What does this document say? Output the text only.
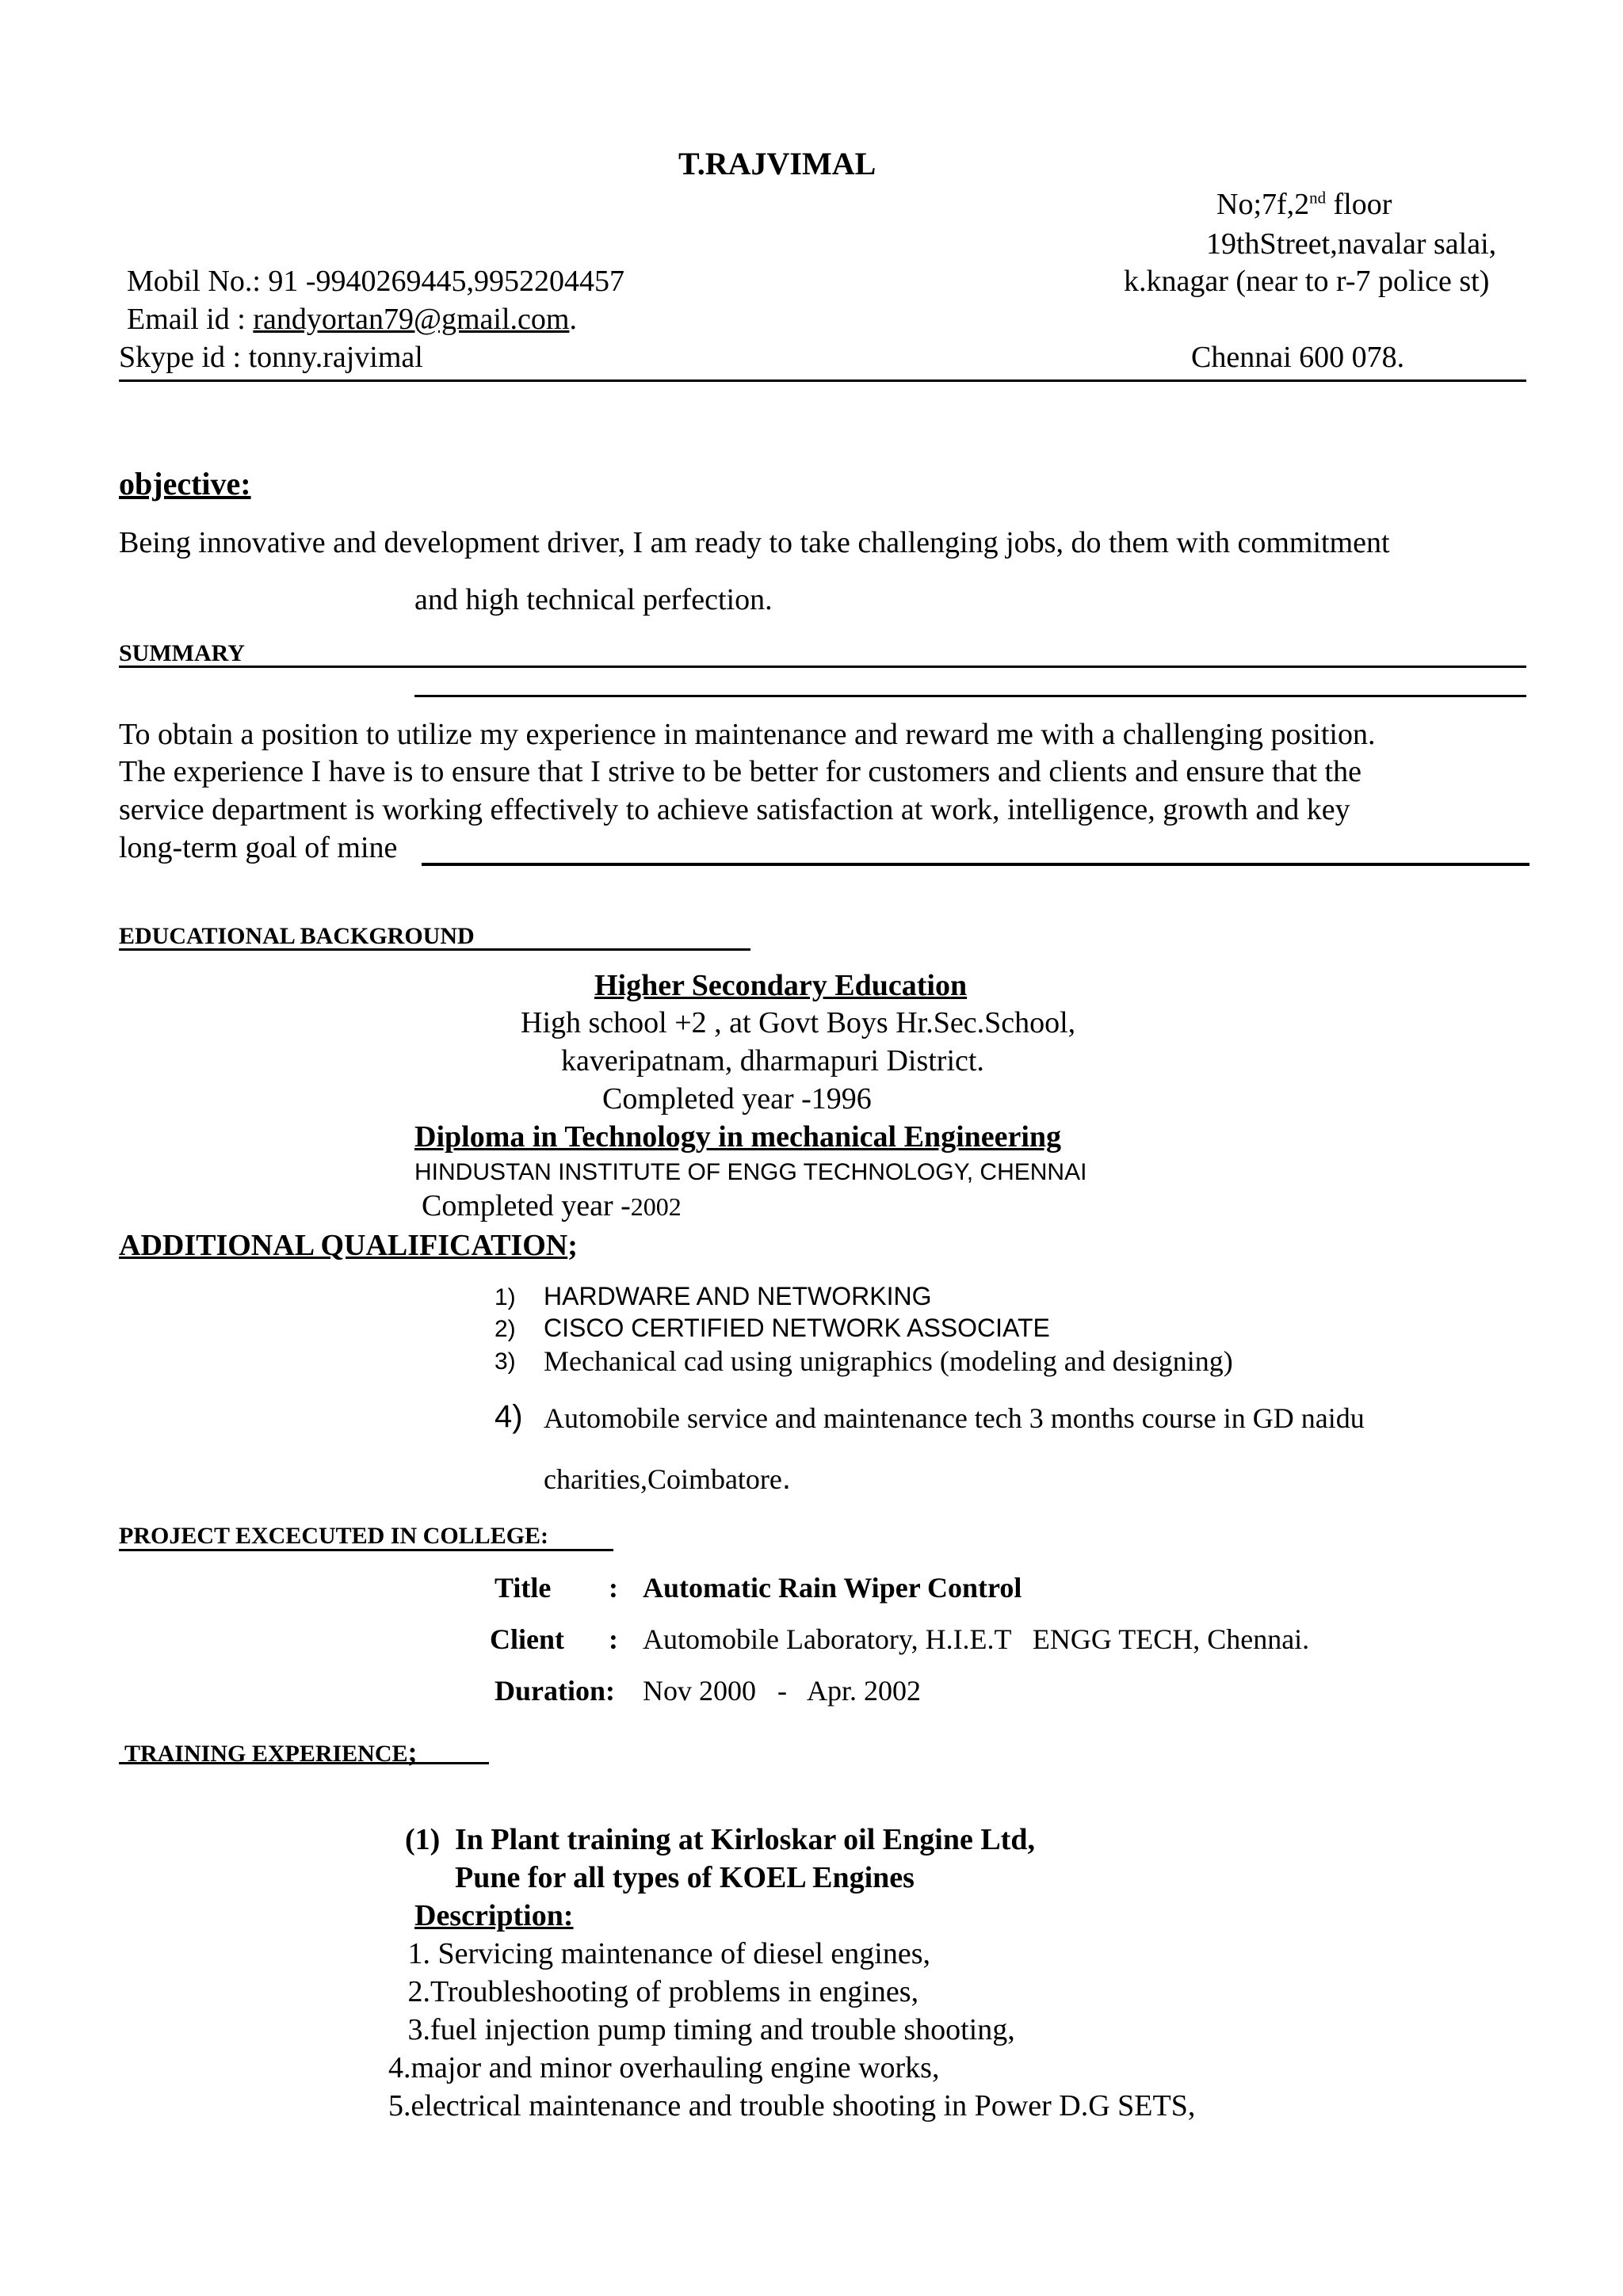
T.RAJVIMAL
No;7f,2nd floor
19thStreet,navalar salai,
k.knagar (near to r-7 police st)
Mobil No.: 91 -9940269445,9952204457
Email id : randyortan79@gmail.com.
Skype id : tonny.rajvimal	Chennai 600 078.
objective:
Being innovative and development driver, I am ready to take challenging jobs, do them with commitment
and high technical perfection.
SUMMARY
To obtain a position to utilize my experience in maintenance and reward me with a challenging position.
The experience I have is to ensure that I strive to be better for customers and clients and ensure that the
service department is working effectively to achieve satisfaction at work, intelligence, growth and key
long-term goal of mine
EDUCATIONAL BACKGROUND
Higher Secondary Education
High school +2 , at Govt Boys Hr.Sec.School,
kaveripatnam, dharmapuri District.
Completed year -1996
Diploma in Technology in mechanical Engineering
HINDUSTAN INSTITUTE OF ENGG TECHNOLOGY, CHENNAI
Completed year -2002
ADDITIONAL QUALIFICATION;
1) HARDWARE AND NETWORKING
2) CISCO CERTIFIED NETWORK ASSOCIATE
3) Mechanical cad using unigraphics (modeling and designing)
4) Automobile service and maintenance tech 3 months course in GD naidu
charities,Coimbatore.
PROJECT EXCECUTED IN COLLEGE:
Title : Automatic Rain Wiper Control
Client : Automobile Laboratory, H.I.E.T   ENGG TECH, Chennai.
Duration: Nov 2000   -   Apr. 2002
TRAINING EXPERIENCE;
(1) In Plant training at Kirloskar oil Engine Ltd,
Pune for all types of KOEL Engines
Description:
1. Servicing maintenance of diesel engines,
2.Troubleshooting of problems in engines,
3.fuel injection pump timing and trouble shooting,
4.major and minor overhauling engine works,
5.electrical maintenance and trouble shooting in Power D.G SETS,
